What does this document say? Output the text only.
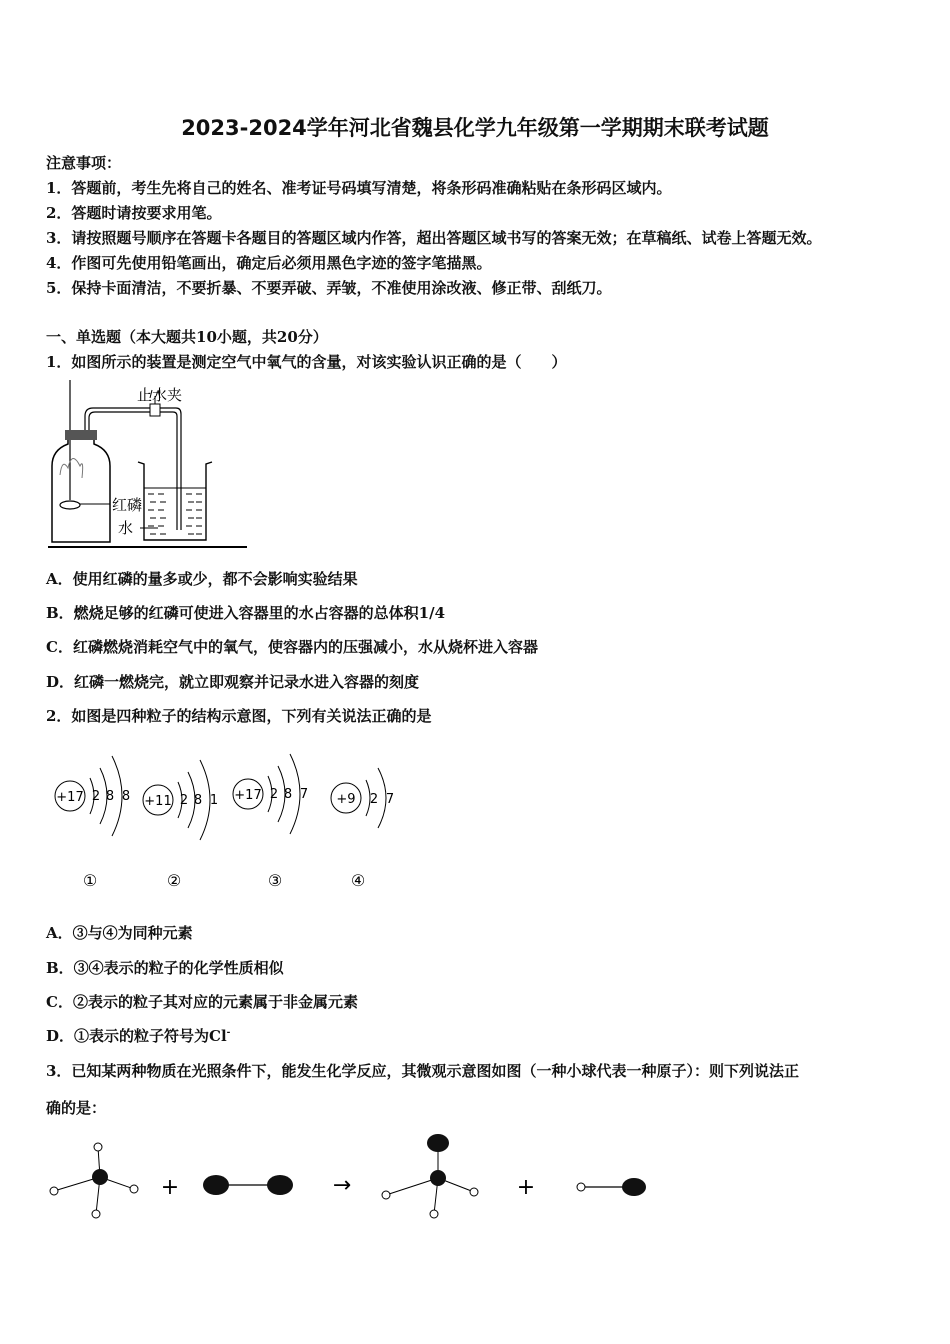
2023-2024学年河北省魏县化学九年级第一学期期末联考试题
注意事项：
1．答题前，考生先将自己的姓名、准考证号码填写清楚，将条形码准确粘贴在条形码区域内。
2．答题时请按要求用笔。
3．请按照题号顺序在答题卡各题目的答题区域内作答，超出答题区域书写的答案无效；在草稿纸、试卷上答题无效。
4．作图可先使用铅笔画出，确定后必须用黑色字迹的签字笔描黑。
5．保持卡面清洁，不要折暴、不要弄破、弄皱，不准使用涂改液、修正带、刮纸刀。
一、单选题（本大题共10小题，共20分）
1．如图所示的装置是测定空气中氧气的含量，对该实验认识正确的是（　　）
止水夹
红磷
水
A．使用红磷的量多或少，都不会影响实验结果
B．燃烧足够的红磷可使进入容器里的水占容器的总体积1/4
C．红磷燃烧消耗空气中的氧气，使容器内的压强减小，水从烧杯进入容器
D．红磷一燃烧完，就立即观察并记录水进入容器的刻度
2．如图是四种粒子的结构示意图，下列有关说法正确的是
+17 2 8 8 +11 2 8 1 +17 2 8 7 +9 2 7
①	②	③	④
A．③与④为同种元素
B．③④表示的粒子的化学性质相似
C．②表示的粒子其对应的元素属于非金属元素
D．①表示的粒子符号为Cl-
3．已知某两种物质在光照条件下，能发生化学反应，其微观示意图如图（一种小球代表一种原子）：则下列说法正
确的是：
+	→	+
